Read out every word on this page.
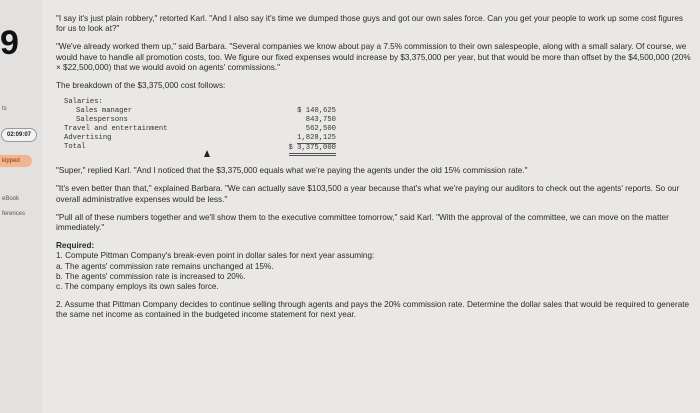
9
ts
02:09:07
kipped
eBook
ferences

"I say it's just plain robbery," retorted Karl. "And I also say it's time we dumped those guys and got our own sales force. Can you get your people to work up some cost figures for us to look at?"

"We've already worked them up," said Barbara. "Several companies we know about pay a 7.5% commission to their own salespeople, along with a small salary. Of course, we would have to handle all promotion costs, too. We figure our fixed expenses would increase by $3,375,000 per year, but that would be more than offset by the $4,500,000 (20% × $22,500,000) that we would avoid on agents' commissions."

The breakdown of the $3,375,000 cost follows:

Salaries:
Sales manager
Salespersons
Travel and entertainment
Advertising
Total
$ 140,625
843,750
562,500
1,828,125
$ 3,375,000

"Super," replied Karl. "And I noticed that the $3,375,000 equals what we're paying the agents under the old 15% commission rate."

"It's even better than that," explained Barbara. "We can actually save $103,500 a year because that's what we're paying our auditors to check out the agents' reports. So our overall administrative expenses would be less."

"Pull all of these numbers together and we'll show them to the executive committee tomorrow," said Karl. "With the approval of the committee, we can move on the matter immediately."

Required:
1. Compute Pittman Company's break-even point in dollar sales for next year assuming:
a. The agents' commission rate remains unchanged at 15%.
b. The agents' commission rate is increased to 20%.
c. The company employs its own sales force.
2. Assume that Pittman Company decides to continue selling through agents and pays the 20% commission rate. Determine the dollar sales that would be required to generate the same net income as contained in the budgeted income statement for next year.
